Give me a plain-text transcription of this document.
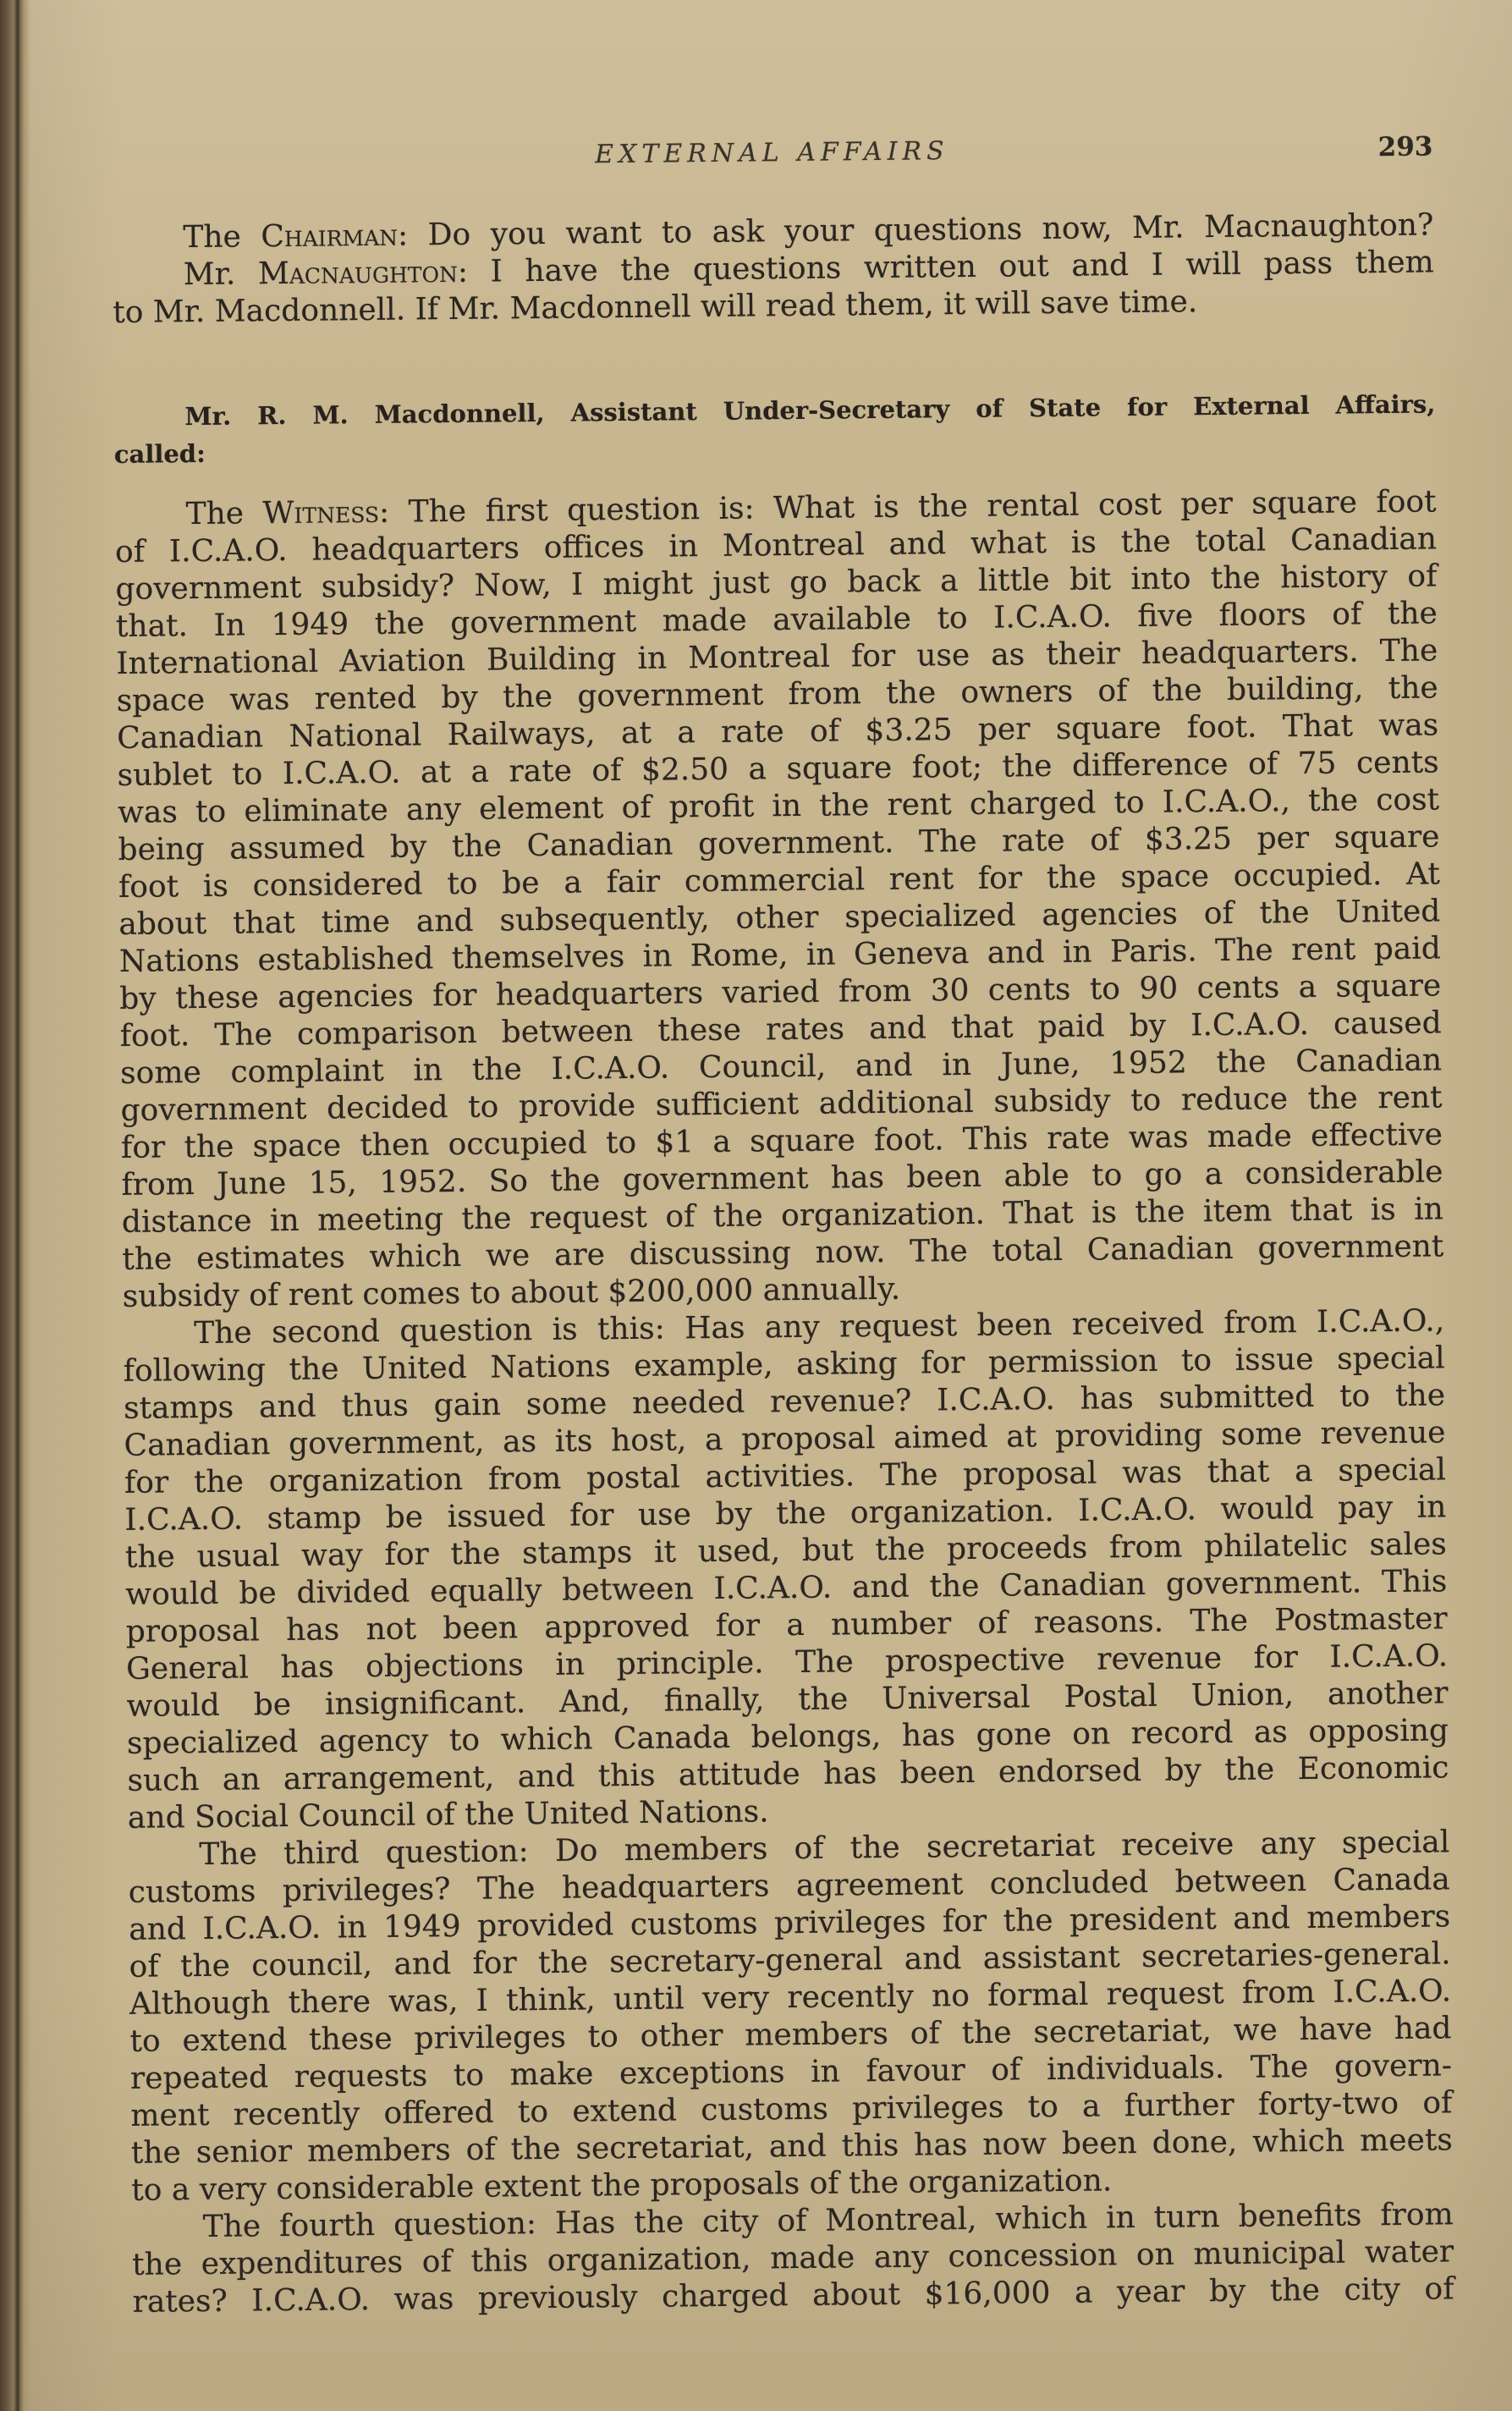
EXTERNAL AFFAIRS	293
The Chairman: Do you want to ask your questions now, Mr. Macnaughton?
Mr. Macnaughton: I have the questions written out and I will pass them
to Mr. Macdonnell. If Mr. Macdonnell will read them, it will save time.
Mr. R. M. Macdonnell, Assistant Under-Secretary of State for External Affairs,
called:
The Witness: The first question is: What is the rental cost per square foot
of I.C.A.O. headquarters offices in Montreal and what is the total Canadian
government subsidy? Now, I might just go back a little bit into the history of
that. In 1949 the government made available to I.C.A.O. five floors of the
International Aviation Building in Montreal for use as their headquarters. The
space was rented by the government from the owners of the building, the
Canadian National Railways, at a rate of $3.25 per square foot. That was
sublet to I.C.A.O. at a rate of $2.50 a square foot; the difference of 75 cents
was to eliminate any element of profit in the rent charged to I.C.A.O., the cost
being assumed by the Canadian government. The rate of $3.25 per square
foot is considered to be a fair commercial rent for the space occupied. At
about that time and subsequently, other specialized agencies of the United
Nations established themselves in Rome, in Geneva and in Paris. The rent paid
by these agencies for headquarters varied from 30 cents to 90 cents a square
foot. The comparison between these rates and that paid by I.C.A.O. caused
some complaint in the I.C.A.O. Council, and in June, 1952 the Canadian
government decided to provide sufficient additional subsidy to reduce the rent
for the space then occupied to $1 a square foot. This rate was made effective
from June 15, 1952. So the government has been able to go a considerable
distance in meeting the request of the organization. That is the item that is in
the estimates which we are discussing now. The total Canadian government
subsidy of rent comes to about $200,000 annually.
The second question is this: Has any request been received from I.C.A.O.,
following the United Nations example, asking for permission to issue special
stamps and thus gain some needed revenue? I.C.A.O. has submitted to the
Canadian government, as its host, a proposal aimed at providing some revenue
for the organization from postal activities. The proposal was that a special
I.C.A.O. stamp be issued for use by the organization. I.C.A.O. would pay in
the usual way for the stamps it used, but the proceeds from philatelic sales
would be divided equally between I.C.A.O. and the Canadian government. This
proposal has not been approved for a number of reasons. The Postmaster
General has objections in principle. The prospective revenue for I.C.A.O.
would be insignificant. And, finally, the Universal Postal Union, another
specialized agency to which Canada belongs, has gone on record as opposing
such an arrangement, and this attitude has been endorsed by the Economic
and Social Council of the United Nations.
The third question: Do members of the secretariat receive any special
customs privileges? The headquarters agreement concluded between Canada
and I.C.A.O. in 1949 provided customs privileges for the president and members
of the council, and for the secretary-general and assistant secretaries-general.
Although there was, I think, until very recently no formal request from I.C.A.O.
to extend these privileges to other members of the secretariat, we have had
repeated requests to make exceptions in favour of individuals. The govern-
ment recently offered to extend customs privileges to a further forty-two of
the senior members of the secretariat, and this has now been done, which meets
to a very considerable extent the proposals of the organization.
The fourth question: Has the city of Montreal, which in turn benefits from
the expenditures of this organization, made any concession on municipal water
rates? I.C.A.O. was previously charged about $16,000 a year by the city of
